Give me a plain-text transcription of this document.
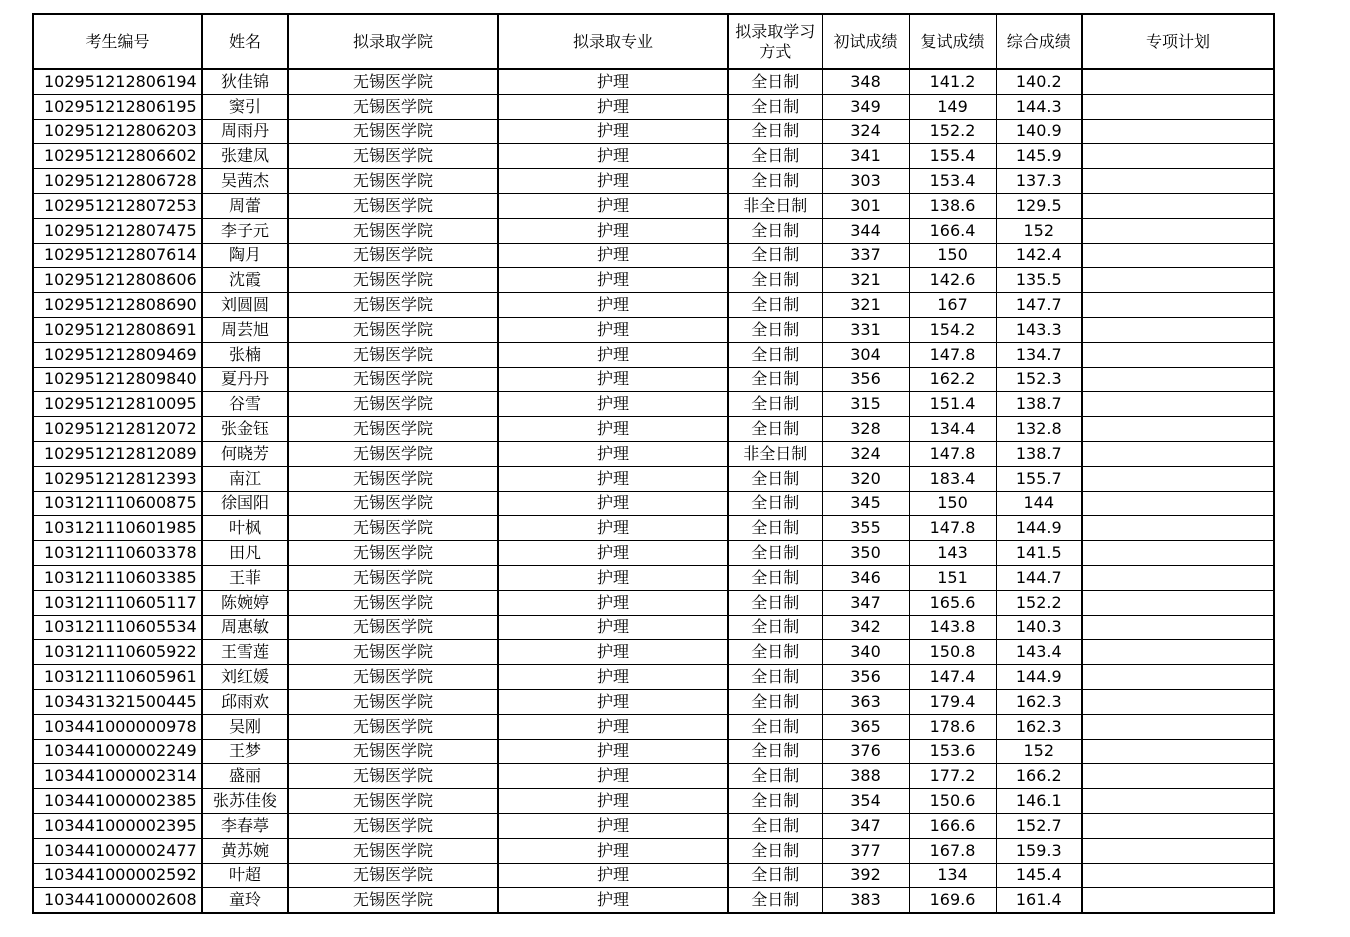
考生编号	姓名	拟录取学院	拟录取专业	拟录取学习方式	初试成绩	复试成绩	综合成绩	专项计划
102951212806194	狄佳锦	无锡医学院	护理	全日制	348	141.2	140.2	
102951212806195	窦引	无锡医学院	护理	全日制	349	149	144.3	
102951212806203	周雨丹	无锡医学院	护理	全日制	324	152.2	140.9	
102951212806602	张建凤	无锡医学院	护理	全日制	341	155.4	145.9	
102951212806728	吴茜杰	无锡医学院	护理	全日制	303	153.4	137.3	
102951212807253	周蕾	无锡医学院	护理	非全日制	301	138.6	129.5	
102951212807475	李子元	无锡医学院	护理	全日制	344	166.4	152	
102951212807614	陶月	无锡医学院	护理	全日制	337	150	142.4	
102951212808606	沈霞	无锡医学院	护理	全日制	321	142.6	135.5	
102951212808690	刘圆圆	无锡医学院	护理	全日制	321	167	147.7	
102951212808691	周芸旭	无锡医学院	护理	全日制	331	154.2	143.3	
102951212809469	张楠	无锡医学院	护理	全日制	304	147.8	134.7	
102951212809840	夏丹丹	无锡医学院	护理	全日制	356	162.2	152.3	
102951212810095	谷雪	无锡医学院	护理	全日制	315	151.4	138.7	
102951212812072	张金钰	无锡医学院	护理	全日制	328	134.4	132.8	
102951212812089	何晓芳	无锡医学院	护理	非全日制	324	147.8	138.7	
102951212812393	南江	无锡医学院	护理	全日制	320	183.4	155.7	
103121110600875	徐国阳	无锡医学院	护理	全日制	345	150	144	
103121110601985	叶枫	无锡医学院	护理	全日制	355	147.8	144.9	
103121110603378	田凡	无锡医学院	护理	全日制	350	143	141.5	
103121110603385	王菲	无锡医学院	护理	全日制	346	151	144.7	
103121110605117	陈婉婷	无锡医学院	护理	全日制	347	165.6	152.2	
103121110605534	周惠敏	无锡医学院	护理	全日制	342	143.8	140.3	
103121110605922	王雪莲	无锡医学院	护理	全日制	340	150.8	143.4	
103121110605961	刘红媛	无锡医学院	护理	全日制	356	147.4	144.9	
103431321500445	邱雨欢	无锡医学院	护理	全日制	363	179.4	162.3	
103441000000978	吴刚	无锡医学院	护理	全日制	365	178.6	162.3	
103441000002249	王梦	无锡医学院	护理	全日制	376	153.6	152	
103441000002314	盛丽	无锡医学院	护理	全日制	388	177.2	166.2	
103441000002385	张苏佳俊	无锡医学院	护理	全日制	354	150.6	146.1	
103441000002395	李春葶	无锡医学院	护理	全日制	347	166.6	152.7	
103441000002477	黄苏婉	无锡医学院	护理	全日制	377	167.8	159.3	
103441000002592	叶超	无锡医学院	护理	全日制	392	134	145.4	
103441000002608	童玲	无锡医学院	护理	全日制	383	169.6	161.4	
